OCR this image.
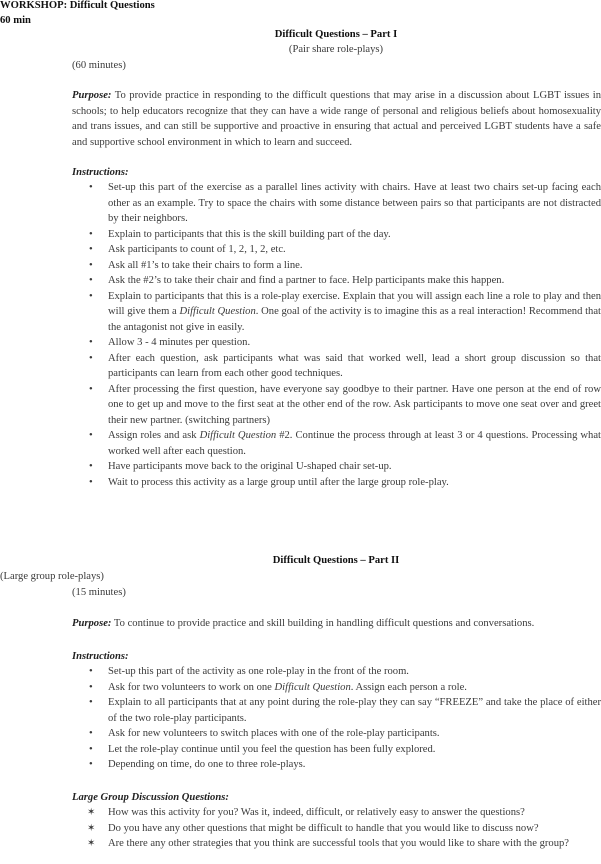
WORKSHOP: Difficult Questions
60 min
Difficult Questions – Part I
(Pair share role-plays)
(60 minutes)
Purpose: To provide practice in responding to the difficult questions that may arise in a discussion about LGBT issues in schools; to help educators recognize that they can have a wide range of personal and religious beliefs about homosexuality and trans issues, and can still be supportive and proactive in ensuring that actual and perceived LGBT students have a safe and supportive school environment in which to learn and succeed.
Instructions:
• Set-up this part of the exercise as a parallel lines activity with chairs. Have at least two chairs set-up facing each other as an example. Try to space the chairs with some distance between pairs so that participants are not distracted by their neighbors.
• Explain to participants that this is the skill building part of the day.
• Ask participants to count of 1, 2, 1, 2, etc.
• Ask all #1’s to take their chairs to form a line.
• Ask the #2’s to take their chair and find a partner to face. Help participants make this happen.
• Explain to participants that this is a role-play exercise. Explain that you will assign each line a role to play and then will give them a Difficult Question. One goal of the activity is to imagine this as a real interaction! Recommend that the antagonist not give in easily.
• Allow 3 - 4 minutes per question.
• After each question, ask participants what was said that worked well, lead a short group discussion so that participants can learn from each other good techniques.
• After processing the first question, have everyone say goodbye to their partner. Have one person at the end of row one to get up and move to the first seat at the other end of the row. Ask participants to move one seat over and greet their new partner. (switching partners)
• Assign roles and ask Difficult Question #2. Continue the process through at least 3 or 4 questions. Processing what worked well after each question.
• Have participants move back to the original U-shaped chair set-up.
• Wait to process this activity as a large group until after the large group role-play.
Difficult Questions – Part II
(Large group role-plays)
(15 minutes)
Purpose: To continue to provide practice and skill building in handling difficult questions and conversations.
Instructions:
• Set-up this part of the activity as one role-play in the front of the room.
• Ask for two volunteers to work on one Difficult Question. Assign each person a role.
• Explain to all participants that at any point during the role-play they can say “FREEZE” and take the place of either of the two role-play participants.
• Ask for new volunteers to switch places with one of the role-play participants.
• Let the role-play continue until you feel the question has been fully explored.
• Depending on time, do one to three role-plays.
Large Group Discussion Questions:
✶ How was this activity for you? Was it, indeed, difficult, or relatively easy to answer the questions?
✶ Do you have any other questions that might be difficult to handle that you would like to discuss now?
✶ Are there any other strategies that you think are successful tools that you would like to share with the group?
